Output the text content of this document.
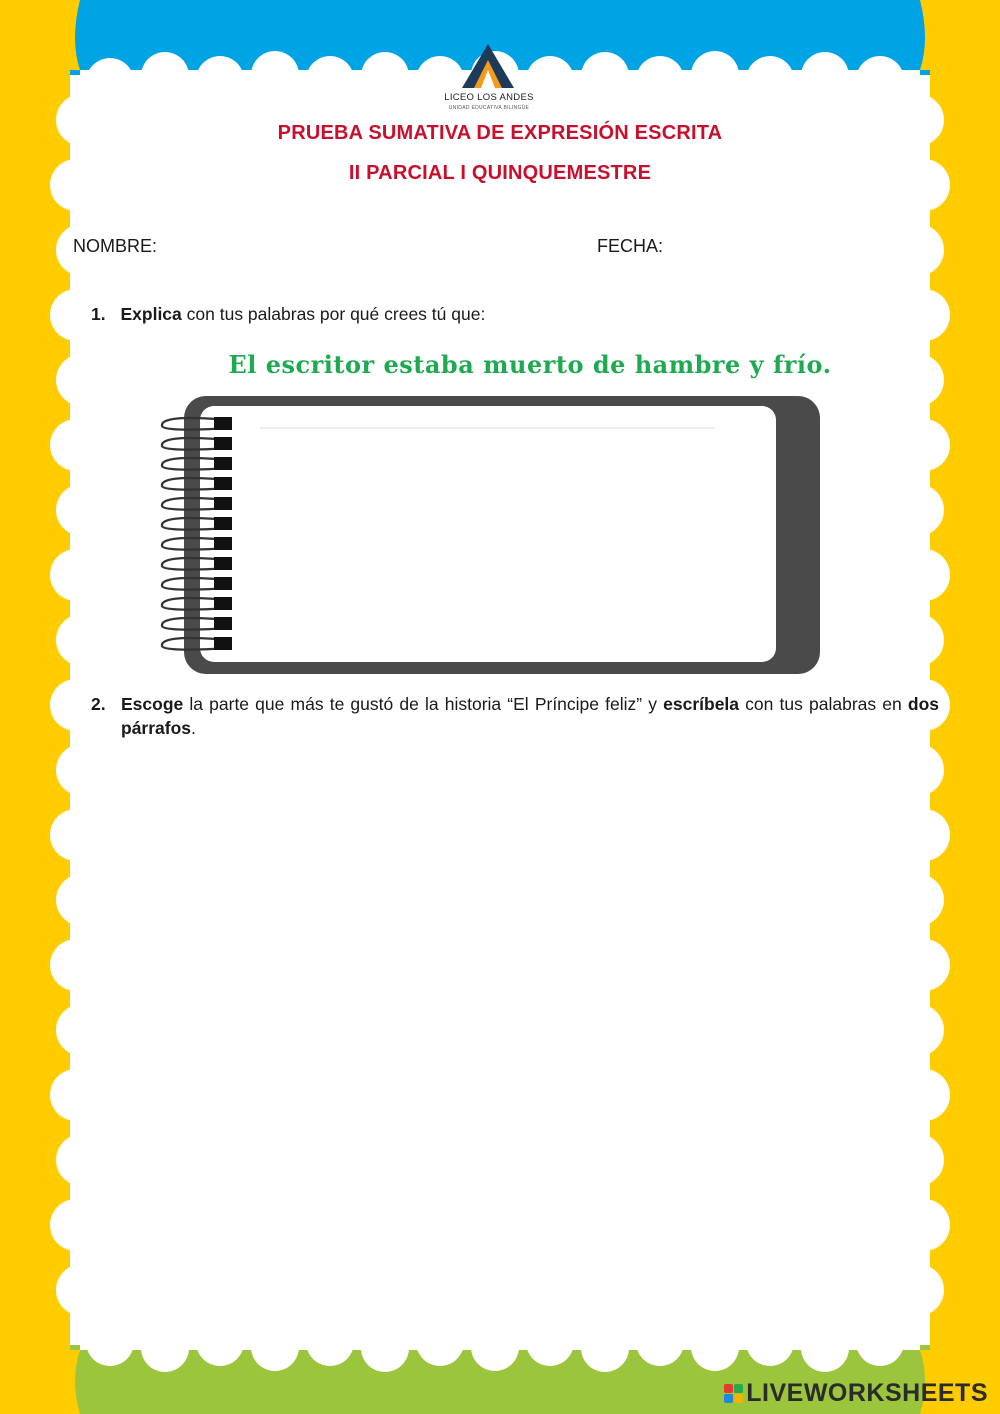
LICEO LOS ANDES
UNIDAD EDUCATIVA BILINGÜE
PRUEBA SUMATIVA DE EXPRESIÓN ESCRITA
II PARCIAL I QUINQUEMESTRE
NOMBRE:	FECHA:
1. Explica con tus palabras por qué crees tú que:
El escritor estaba muerto de hambre y frío.
2. Escoge la parte que más te gustó de la historia “El Príncipe feliz” y escríbela con tus palabras en dos párrafos.
LIVEWORKSHEETS
